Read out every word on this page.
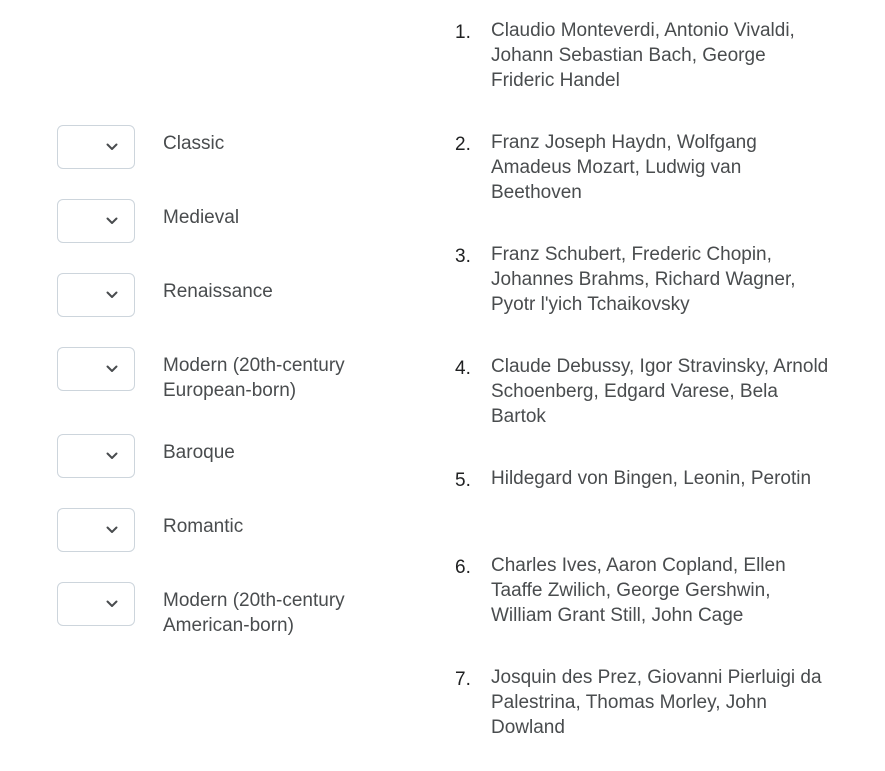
Classic
Medieval
Renaissance
Modern (20th-century European-born)
Baroque
Romantic
Modern (20th-century American-born)
1. Claudio Monteverdi, Antonio Vivaldi, Johann Sebastian Bach, George Frideric Handel
2. Franz Joseph Haydn, Wolfgang Amadeus Mozart, Ludwig van Beethoven
3. Franz Schubert, Frederic Chopin, Johannes Brahms, Richard Wagner, Pyotr l'yich Tchaikovsky
4. Claude Debussy, Igor Stravinsky, Arnold Schoenberg, Edgard Varese, Bela Bartok
5. Hildegard von Bingen, Leonin, Perotin
6. Charles Ives, Aaron Copland, Ellen Taaffe Zwilich, George Gershwin, William Grant Still, John Cage
7. Josquin des Prez, Giovanni Pierluigi da Palestrina, Thomas Morley, John Dowland
